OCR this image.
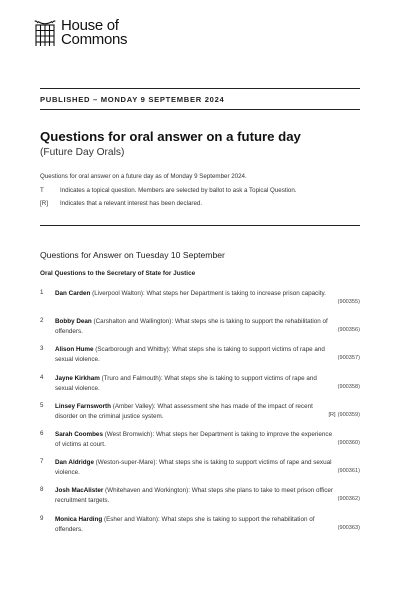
House of
Commons
PUBLISHED – MONDAY 9 SEPTEMBER 2024
Questions for oral answer on a future day
(Future Day Orals)
Questions for oral answer on a future day as of Monday 9 September 2024.
T	Indicates a topical question. Members are selected by ballot to ask a Topical Question.
[R]	Indicates that a relevant interest has been declared.
Questions for Answer on Tuesday 10 September
Oral Questions to the Secretary of State for Justice
1 Dan Carden (Liverpool Walton): What steps her Department is taking to increase prison capacity.
(900355)
2 Bobby Dean (Carshalton and Wallington): What steps she is taking to support the rehabilitation of offenders.	(900356)
3 Alison Hume (Scarborough and Whitby): What steps she is taking to support victims of rape and sexual violence.	(900357)
4 Jayne Kirkham (Truro and Falmouth): What steps she is taking to support victims of rape and sexual violence.	(900358)
5 Linsey Farnsworth (Amber Valley): What assessment she has made of the impact of recent disorder on the criminal justice system.	[R] (900359)
6 Sarah Coombes (West Bromwich): What steps her Department is taking to improve the experience of victims at court.	(900360)
7 Dan Aldridge (Weston-super-Mare): What steps she is taking to support victims of rape and sexual violence.	(900361)
8 Josh MacAlister (Whitehaven and Workington): What steps she plans to take to meet prison officer recruitment targets.	(900362)
9 Monica Harding (Esher and Walton): What steps she is taking to support the rehabilitation of offenders.	(900363)
